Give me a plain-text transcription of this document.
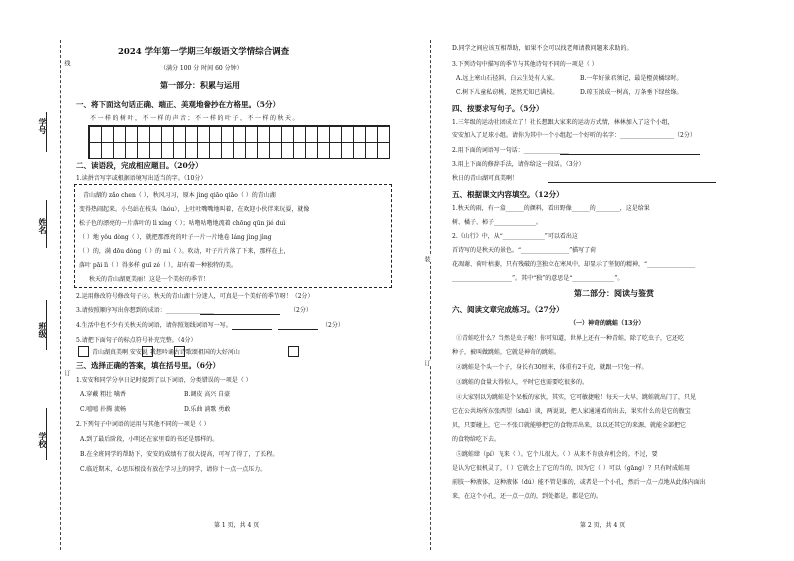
学号
姓名
班级
学校
线
订
2024 学年第一学期三年级语文学情综合调查
（满分 100 分 时间 60 分钟）
第一部分：积累与运用
一、将下面这句话正确、端正、美观地誊抄在方格里。（5分）
不一样的树叶，不一样的声音；不一样的叶子，不一样的秋天。
二、读语段，完成相应题目。（20分）
1.读拼音写字或根据语境写出适当的字。（10分）
青山湖的 zǎo chen（ ），秋风习习，原本 jìng qiāo qiāo（ ）的青山湖
变得热闹起来。小鸟站在枝头（hóu），上吐吐嘴嘴地叫着，在欢迎小伙伴来玩耍，就像
松子色的漂亮的一片落叶的 lì xíng（ ）；咕噜咕噜地流着 chōng qūn jié duì
（ ）地 yǒu dòng（ ），就把那漂亮的叶子一片一片地卷 láng jìng jìng
（ ）的，满 dōu dòng（ ）的 mì（ ）。吹动，叶子片片落了下来，那样在上，
落叶 pāi lì（ ）得多样 guī zé（ ），却有着一种独特的美。
秋天的青山湖更美丽！这是一个美好的季节！
2.运用修改符号修改句子②。秋天的青山湖十分迷人，可真是一个美好的季节呀！（2分）
3.请按照顺序写出你想到的成语：________________	（2分）
4.生活中也不少有关秋天的词语，请你照划线词语写一写。	（2分）
5.请把下面句子的标点符号补充完整。（4分）
青山湖真美啊 安安说 我想吟诵古诗歌颂祖国的大好河山
三、选择正确的答案，填在括号里。（6分）
1.安安和同学分享日记时提到了以下词语，分类错误的一项是（ ）
A.穿戴 粗壮 噙香	B.调皮 高兴 自豪
C.嘻嘻 扑腾 流畅	D.乐曲 淌歌 勇敢
2.下列句子中词语的运用与其他不同的一项是（ ）
A.到了最后阶段，小明还在家里看的书还是那样的。
B.在全班同学的帮助下，安安的成绩有了很大提高，可写了得了，了长程。
C.临近期末，心思压根没有放在学习上的同学，请你十一点一点压力。
第 1 页，共 4 页
装
订
D.同学之间应该互相帮助，如果不会可以找老师请教问题来求助的。
3.下列诗句中描写的季节与其他诗句不同的一项是（ ）
A.远上寒山石径斜，白云生处有人家。	B.一年好景君须记，最是橙黄橘绿时。
C.树下儿童私窃桃，迷然无知已满枝。	D.琼玉浓成一树高，万条垂下绿丝绦。
四、按要求写句子。（5分）
1.三年级的运动社团成立了！社长想跟大家来的运动方式情，林林加入了这个小组，
安安加入了足球小组。请你为其中一个小组起一个好听的名字：__________________（2分）
2.用下面的词语写一句话：_______________
3.用上下面的修辞手法，请你给这一段话。（3分）
秋日的青山湖可真美啊！
五、根据课文内容填空。（12分）
1.秋天的雨，有一盒______的颜料，看田野像______的________，这是给果
树、橘子、柿子______________。
2.《山行》中，从“______________”可以看出这
首诗写的是秋天的景色。“________________”描写了荷
花凋谢、荷叶枯萎，只有残破的茎独立在寒风中，却显示了坚韧的精神，“________________
____________________”。其中“独”的意思是“______________”。
第二部分：阅读与鉴赏
六、阅读文章完成练习。（27分）
（一）神奇的跳蛙（13分）
①青蛙吃什么？当然是虫子啦！你可知道，世界上还有一种青蛙，除了吃虫子，它还吃
种子，被叫做跳蛙，它就是神奇的跳蛙。
②跳蛙是个头一个子，身长有30厘米，体重有2千克，就跟一只兔一样。
③跳蛙的食量大得惊人，平时它也需要吃很多的。
④大家别以为跳蛙是个呆板的家伙，其实，它可敏捷啦！每天一大早，跳蛙就出门了，只见
它在公共场所东张西望（shū）谈，两说说，把人家通通看的出去，果实什么的是它的腹宝
贝，只要碰上，它一不张口就能够把它的食物弄出来，以以还其它的来源，就能全部把它
的食物给吃下去。
⑤跳蛙肆（pí）飞来（ ）。它个儿很大。（ ）从来不肯放弃机会的。不过，要
是认为它很机灵了，（ ）它就会上了它的当的，因为它（ ）可以（gāng）？只有时成蛙用
前肢一种液体，这种液体（dú）能不管是谁的，或者是一个小孔，然后一点一点地从此体内面出
来，在这个小孔，还一点一点的，到处都是，都是它的。
第 2 页，共 4 页
